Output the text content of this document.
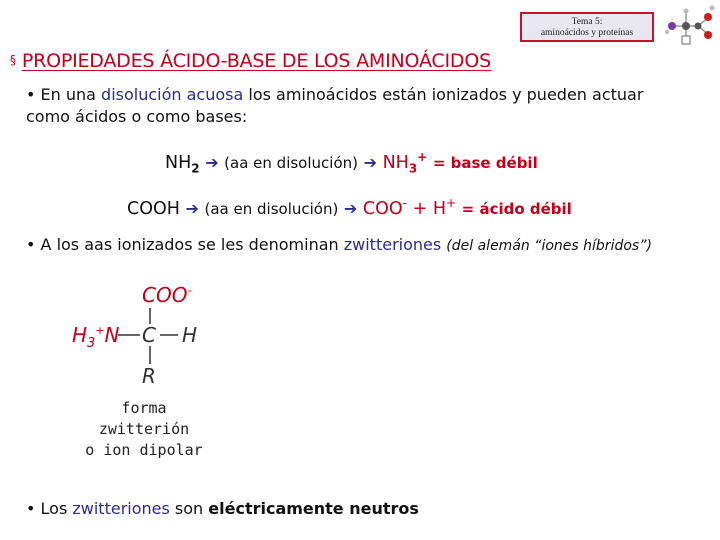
Tema 5:
aminoácidos y proteínas
§ PROPIEDADES ÁCIDO-BASE DE LOS AMINOÁCIDOS
• En una disolución acuosa los aminoácidos están ionizados y pueden actuar
como ácidos o como bases:
$NH_2$ ➔ (aa en disolución) ➔ $NH_3^+$ = base débil
COOH ➔ (aa en disolución) ➔ COO- + H+ = ácido débil
• A los aas ionizados se les denominan zwitteriones (del alemán “iones híbridos”)
COO-
$H_3^+N$ C H
R
forma zwitterión
o ion dipolar
• Los zwitteriones son eléctricamente neutros
